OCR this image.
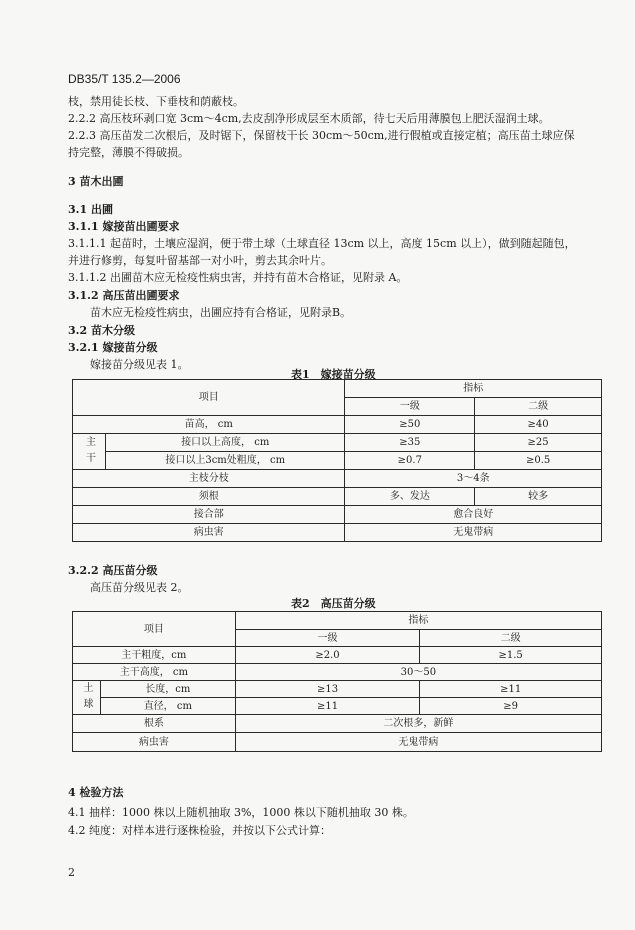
DB35/T 135.2—2006
枝，禁用徒长枝、下垂枝和荫蔽枝。
2.2.2 高压枝环剥口宽 3cm～4cm,去皮刮净形成层至木质部，待七天后用薄膜包上肥沃湿润土球。
2.2.3 高压苗发二次根后，及时锯下，保留枝干长 30cm～50cm,进行假植或直接定植；高压苗土球应保
持完整，薄膜不得破损。
3 苗木出圃
3.1 出圃
3.1.1 嫁接苗出圃要求
3.1.1.1 起苗时，土壤应湿润，便于带土球（土球直径 13cm 以上，高度 15cm 以上），做到随起随包，
并进行修剪，每复叶留基部一对小叶，剪去其余叶片。
3.1.1.2 出圃苗木应无检疫性病虫害，并持有苗木合格证，见附录 A。
3.1.2 高压苗出圃要求
苗木应无检疫性病虫，出圃应持有合格证，见附录B。
3.2 苗木分级
3.2.1 嫁接苗分级
嫁接苗分级见表 1。
表1　嫁接苗分级
项目		指标	
		一级	二级
苗高， cm		≥50	≥40
主干	接口以上高度， cm	≥35	≥25
	接口以上3cm处粗度， cm	≥0.7	≥0.5
主枝分枝		3～4条	
须根		多、发达	较多
接合部		愈合良好	
病虫害		无鬼带病	
3.2.2 高压苗分级
高压苗分级见表 2。
表2　高压苗分级
项目		指标	
		一级	二级
主干粗度，cm		≥2.0	≥1.5
主干高度， cm		30～50	
土球	长度，cm	≥13	≥11
	直径， cm	≥11	≥9
根系		二次根多，新鲜	
病虫害		无鬼带病	
4 检验方法
4.1 抽样：1000 株以上随机抽取 3%，1000 株以下随机抽取 30 株。
4.2 纯度：对样本进行逐株检验，并按以下公式计算：
2
